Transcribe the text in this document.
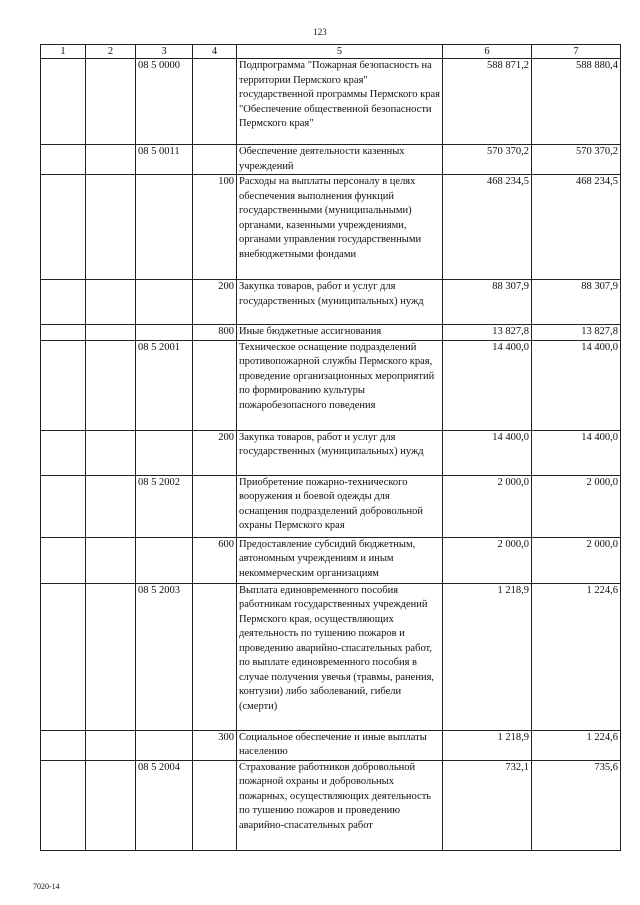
123
1	2	3	4	5	6	7
		08 5 0000		Подпрограмма "Пожарная безопасность на территории Пермского края" государственной программы Пермского края "Обеспечение общественной безопасности Пермского края"	588 871,2	588 880,4
		08 5 0011		Обеспечение деятельности казенных учреждений	570 370,2	570 370,2
			100	Расходы на выплаты персоналу в целях обеспечения выполнения функций государственными (муниципальными) органами, казенными учреждениями, органами управления государственными внебюджетными фондами	468 234,5	468 234,5
			200	Закупка товаров, работ и услуг для государственных (муниципальных) нужд	88 307,9	88 307,9
			800	Иные бюджетные ассигнования	13 827,8	13 827,8
		08 5 2001		Техническое оснащение подразделений противопожарной службы Пермского края, проведение организационных мероприятий по формированию культуры пожаробезопасного поведения	14 400,0	14 400,0
			200	Закупка товаров, работ и услуг для государственных (муниципальных) нужд	14 400,0	14 400,0
		08 5 2002		Приобретение пожарно-технического вооружения и боевой одежды для оснащения подразделений добровольной охраны Пермского края	2 000,0	2 000,0
			600	Предоставление субсидий бюджетным, автономным учреждениям и иным некоммерческим организациям	2 000,0	2 000,0
		08 5 2003		Выплата единовременного пособия работникам государственных учреждений Пермского края, осуществляющих деятельность по тушению пожаров и проведению аварийно-спасательных работ, по выплате единовременного пособия в случае получения увечья (травмы, ранения, контузии) либо заболеваний, гибели (смерти)	1 218,9	1 224,6
			300	Социальное обеспечение и иные выплаты населению	1 218,9	1 224,6
		08 5 2004		Страхование работников добровольной пожарной охраны и добровольных пожарных, осуществляющих деятельность по тушению пожаров и проведению аварийно-спасательных работ	732,1	735,6
7020-14
